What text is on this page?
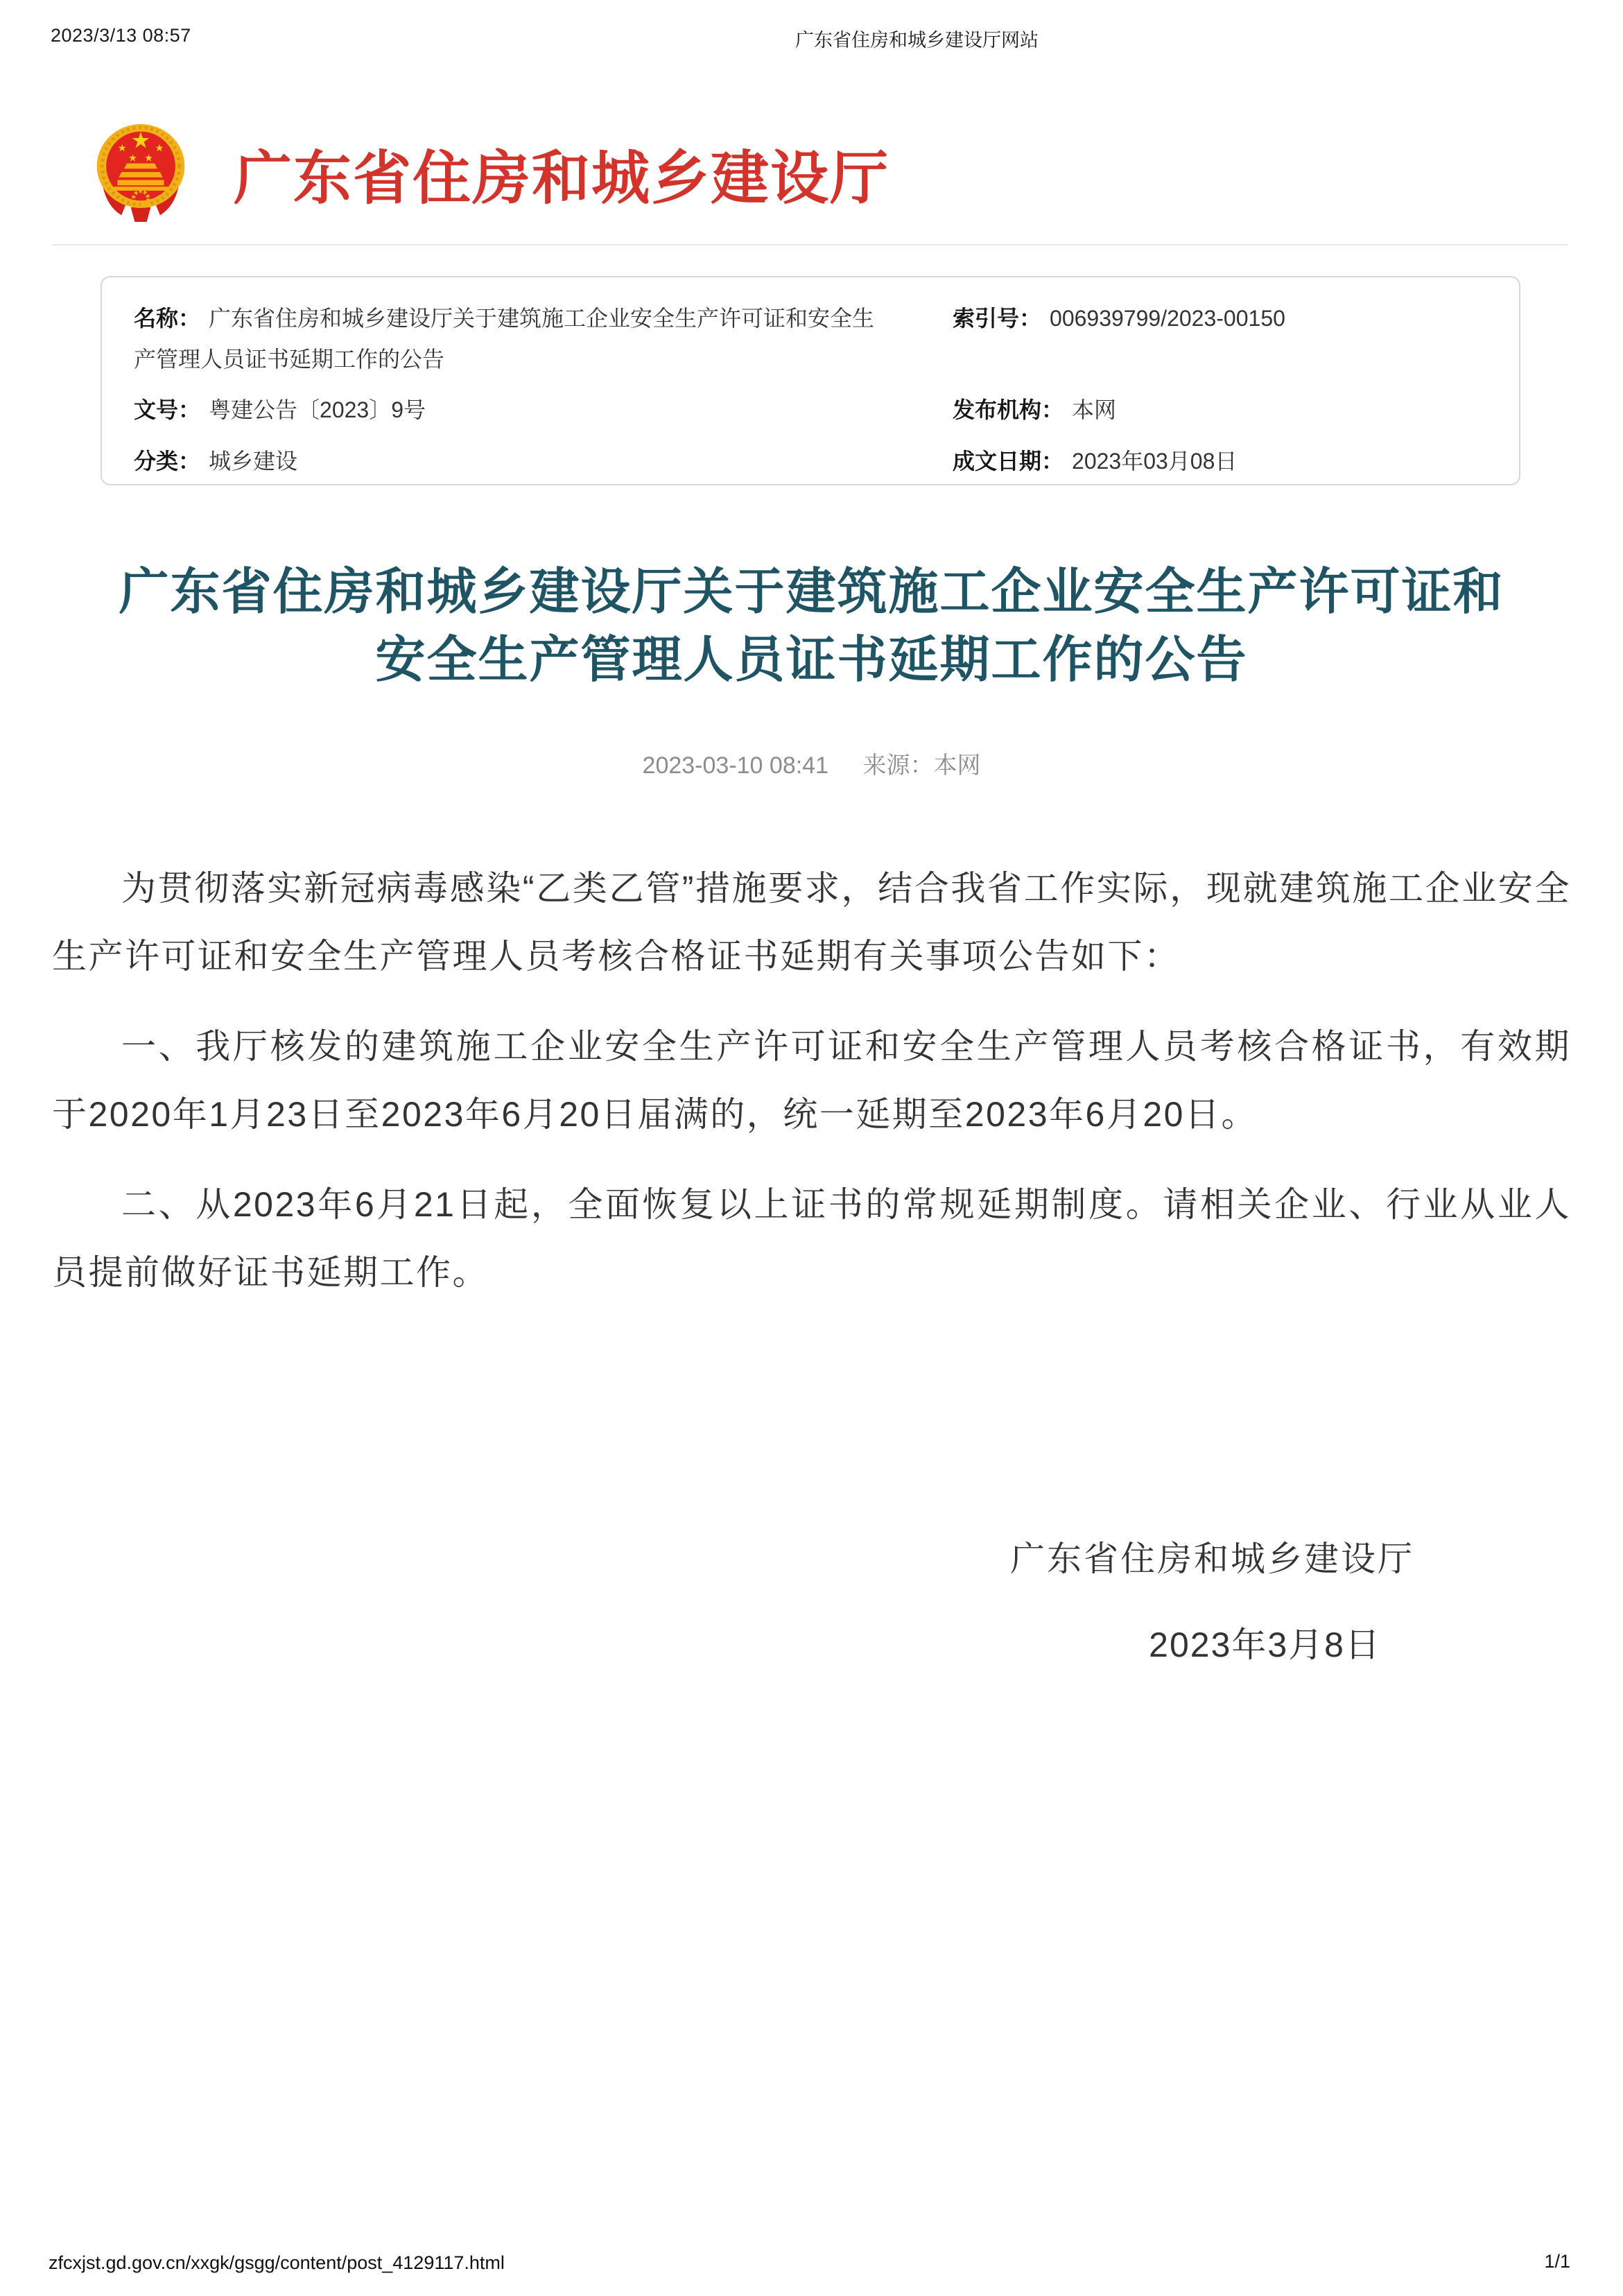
2023/3/13 08:57	广东省住房和城乡建设厅网站
广东省住房和城乡建设厅
名称： 广东省住房和城乡建设厅关于建筑施工企业安全生产许可证和安全生产管理人员证书延期工作的公告
索引号： 006939799/2023-00150
文号： 粤建公告〔2023〕9号	发布机构： 本网
分类： 城乡建设	成文日期： 2023年03月08日
广东省住房和城乡建设厅关于建筑施工企业安全生产许可证和安全生产管理人员证书延期工作的公告
2023-03-10 08:41 来源：本网

为贯彻落实新冠病毒感染“乙类乙管”措施要求，结合我省工作实际，现就建筑施工企业安全生产许可证和安全生产管理人员考核合格证书延期有关事项公告如下：

一、我厅核发的建筑施工企业安全生产许可证和安全生产管理人员考核合格证书，有效期于2020年1月23日至2023年6月20日届满的，统一延期至2023年6月20日。

二、从2023年6月21日起，全面恢复以上证书的常规延期制度。请相关企业、行业从业人员提前做好证书延期工作。

广东省住房和城乡建设厅
2023年3月8日
zfcxjst.gd.gov.cn/xxgk/gsgg/content/post_4129117.html	1/1
